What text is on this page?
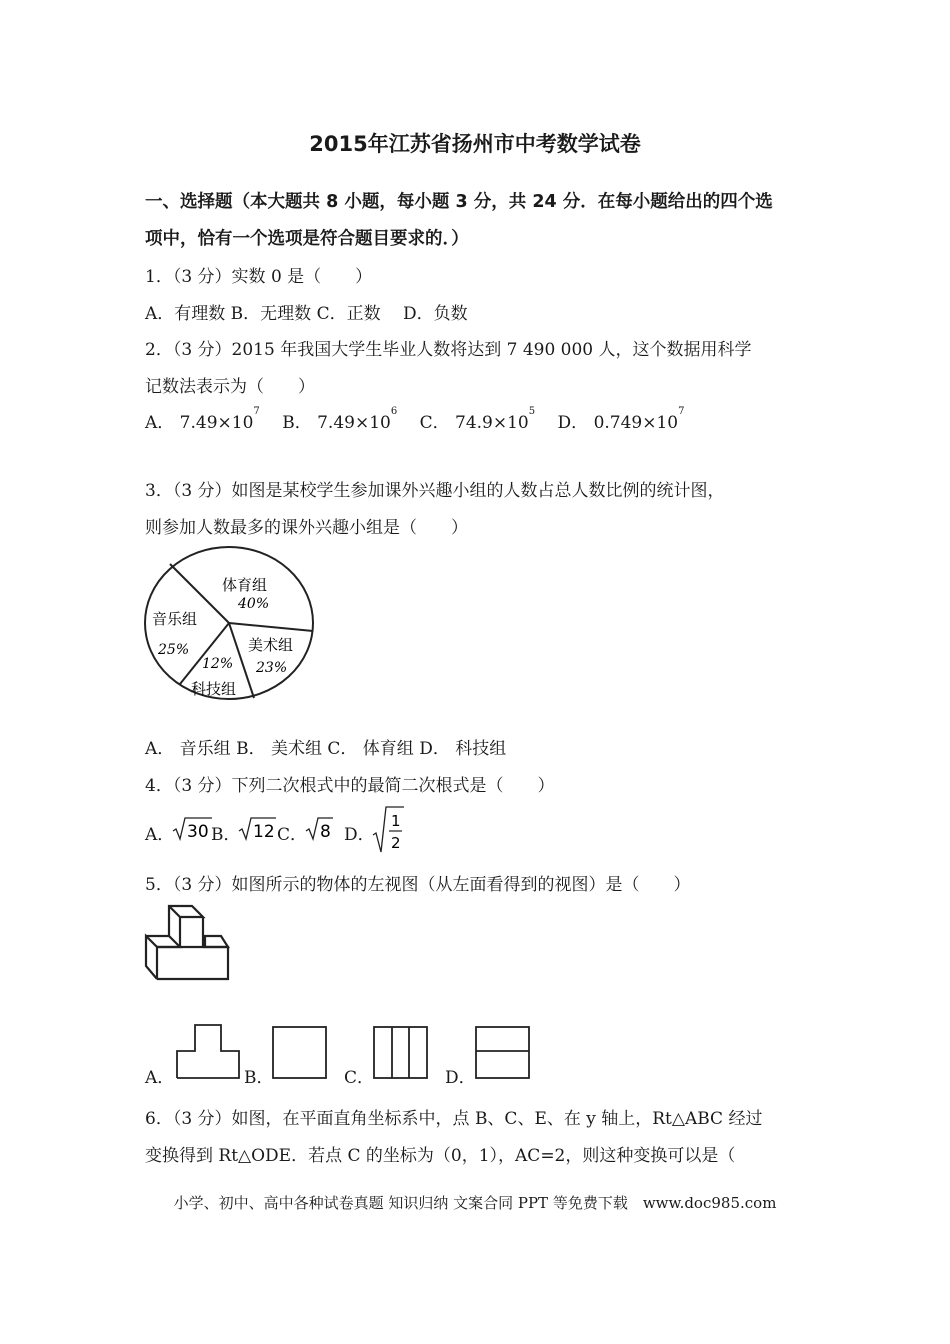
2015年江苏省扬州市中考数学试卷
一、选择题（本大题共 8 小题，每小题 3 分，共 24 分．在每小题给出的四个选
项中，恰有一个选项是符合题目要求的．）
1．（3 分）实数 0 是（　　）
A．有理数 B．无理数 C．正数　 D．负数
2．（3 分）2015 年我国大学生毕业人数将达到 7 490 000 人，这个数据用科学
记数法表示为（　　）
A． $7.49\times 10^7$　 B． $7.49\times 10^6$　 C． $74.9\times 10^5$　 D． $0.749\times 10^7$
3．（3 分）如图是某校学生参加课外兴趣小组的人数占总人数比例的统计图，
则参加人数最多的课外兴趣小组是（　　）
体育组
40%
音乐组
25%	美术组
23%
12%
科技组
A． 音乐组 B． 美术组 C． 体育组 D． 科技组
4．（3 分）下列二次根式中的最简二次根式是（　　）
A． 30 B． 12 C． 8 D．
1
2
5．（3 分）如图所示的物体的左视图（从左面看得到的视图）是（　　）
A．	B．	C．	D．
6．（3 分）如图，在平面直角坐标系中，点 B、C、E、在 y 轴上，Rt△ABC 经过
变换得到 Rt△ODE．若点 C 的坐标为（0，1），AC=2，则这种变换可以是（
小学、初中、高中各种试卷真题 知识归纳 文案合同 PPT 等免费下载　www.doc985.com
